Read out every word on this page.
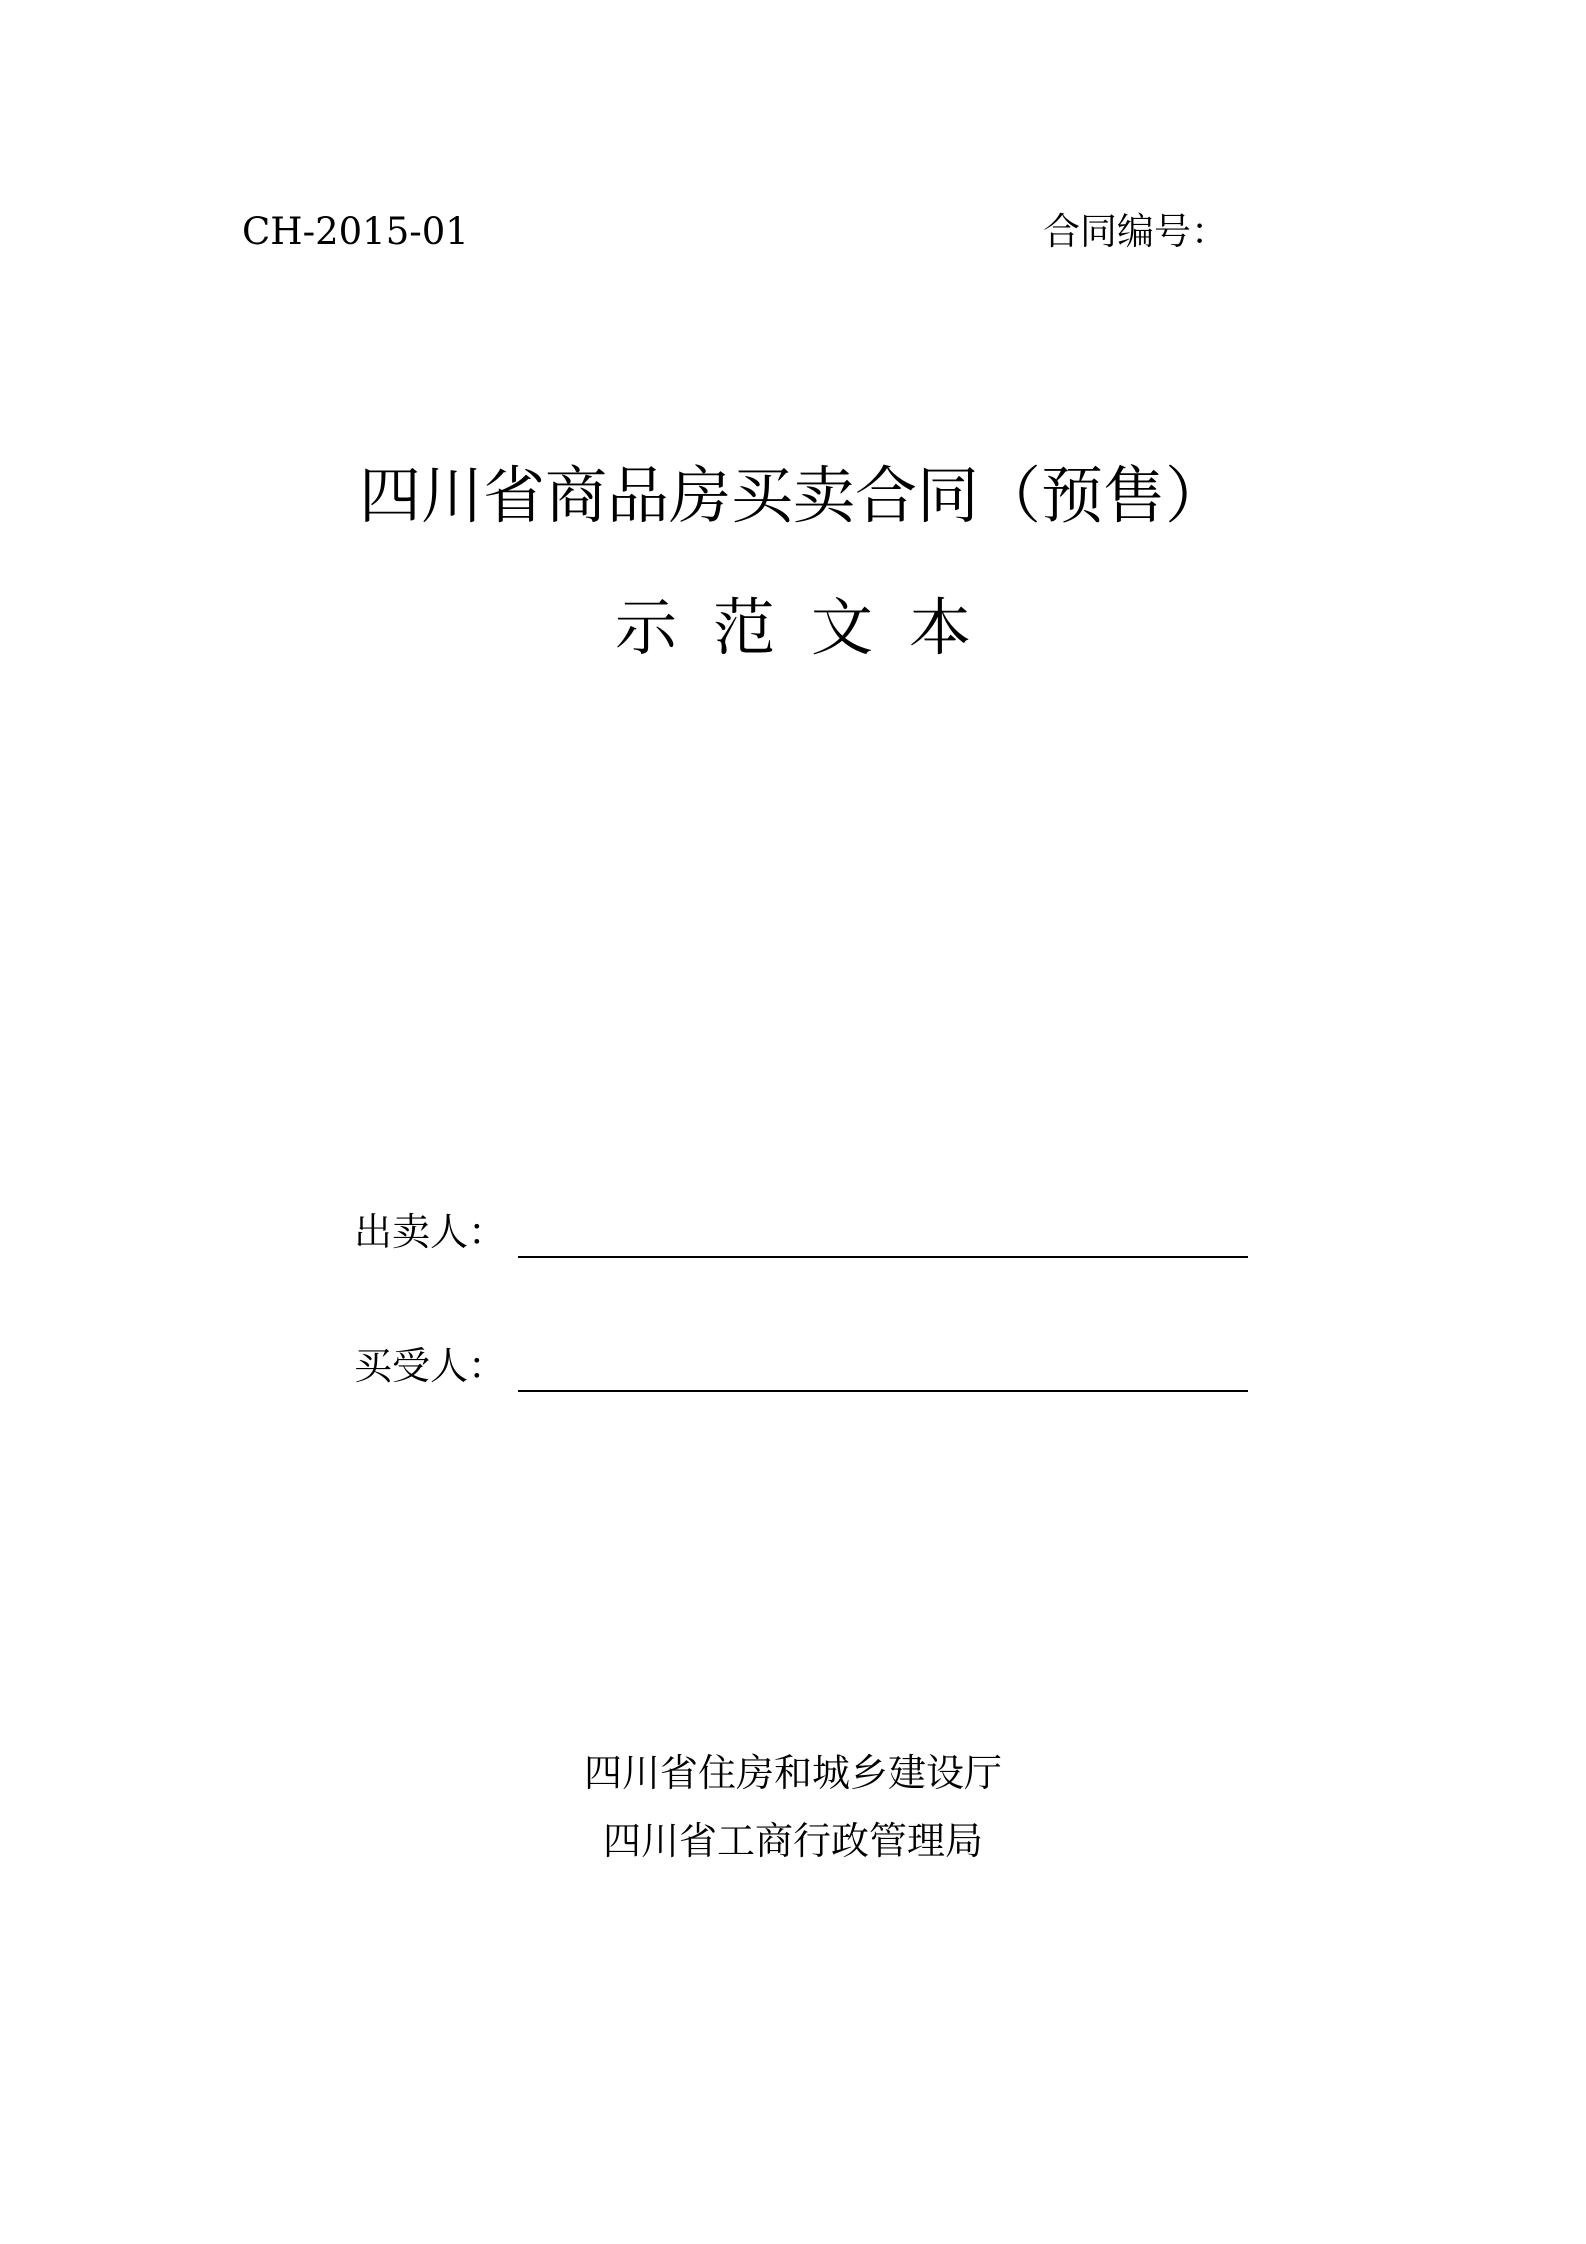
CH-2015-01	合同编号：
四川省商品房买卖合同（预售）
示范文本
出卖人：
买受人：
四川省住房和城乡建设厅
四川省工商行政管理局
